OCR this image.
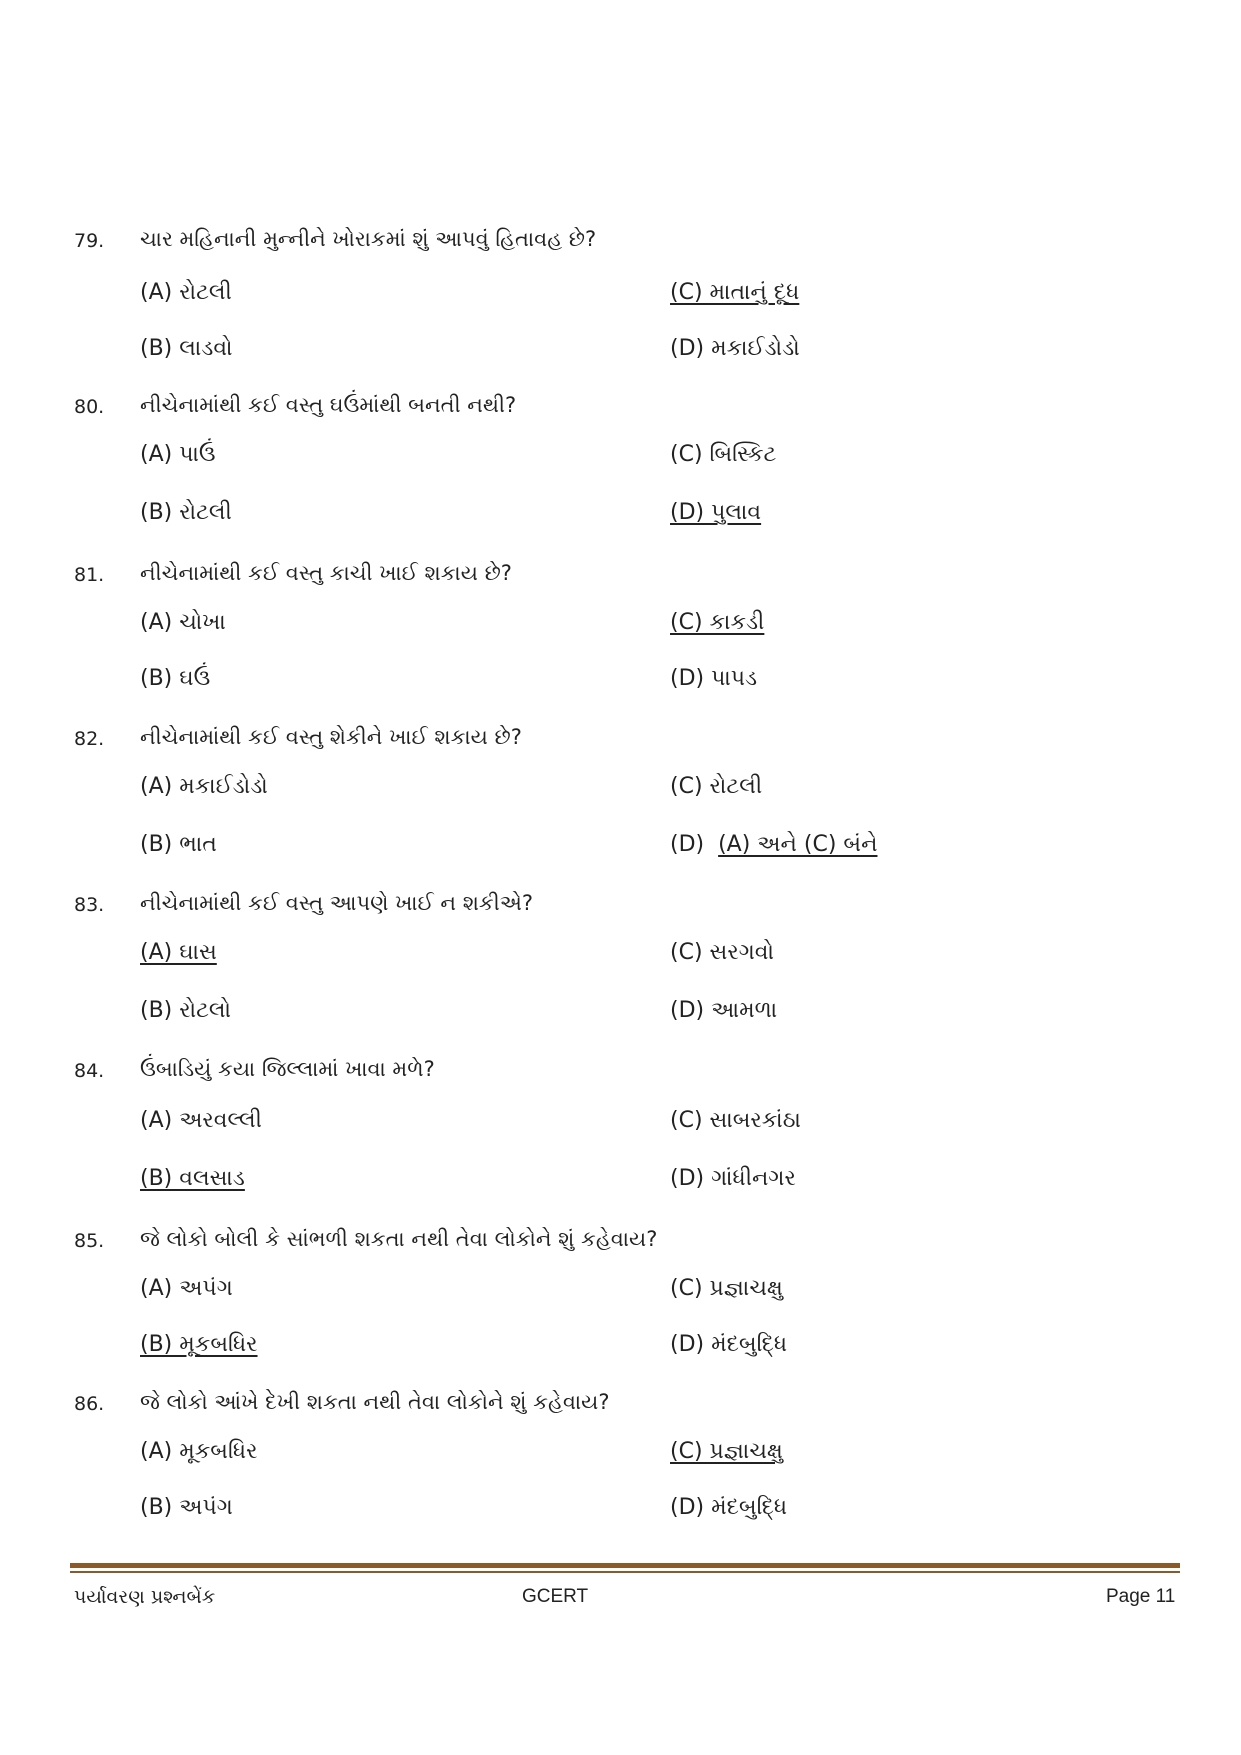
79. ચાર મહિનાની મુન્નીને ખોરાકમાં શું આપવું હિતાવહ છે?
(A) રોટલી	(C) માતાનું દૂધ
(B) લાડવો	(D) મકાઈડોડો
80. નીચેનામાંથી કઈ વસ્તુ ઘઉંમાંથી બનતી નથી?
(A) પાઉં	(C) બિસ્કિટ
(B) રોટલી	(D) પુલાવ
81. નીચેનામાંથી કઈ વસ્તુ કાચી ખાઈ શકાય છે?
(A) ચોખા	(C) કાકડી
(B) ઘઉં	(D) પાપડ
82. નીચેનામાંથી કઈ વસ્તુ શેકીને ખાઈ શકાય છે?
(A) મકાઈડોડો	(C) રોટલી
(B) ભાત	(D)  (A) અને (C) બંને
83. નીચેનામાંથી કઈ વસ્તુ આપણે ખાઈ ન શકીએ?
(A) ઘાસ	(C) સરગવો
(B) રોટલો	(D) આમળા
84. ઉંબાડિયું કયા જિલ્લામાં ખાવા મળે?
(A) અરવલ્લી	(C) સાબરકાંઠા
(B) વલસાડ	(D) ગાંધીનગર
85. જે લોકો બોલી કે સાંભળી શકતા નથી તેવા લોકોને શું કહેવાય?
(A) અપંગ	(C) પ્રજ્ઞાચક્ષુ
(B) મૂકબધિર	(D) મંદબુદ્ધિ
86. જે લોકો આંખે દેખી શકતા નથી તેવા લોકોને શું કહેવાય?
(A) મૂકબધિર	(C) પ્રજ્ઞાચક્ષુ
(B) અપંગ	(D) મંદબુદ્ધિ
પર્યાવરણ પ્રશ્નબેંક	GCERT	Page 11
